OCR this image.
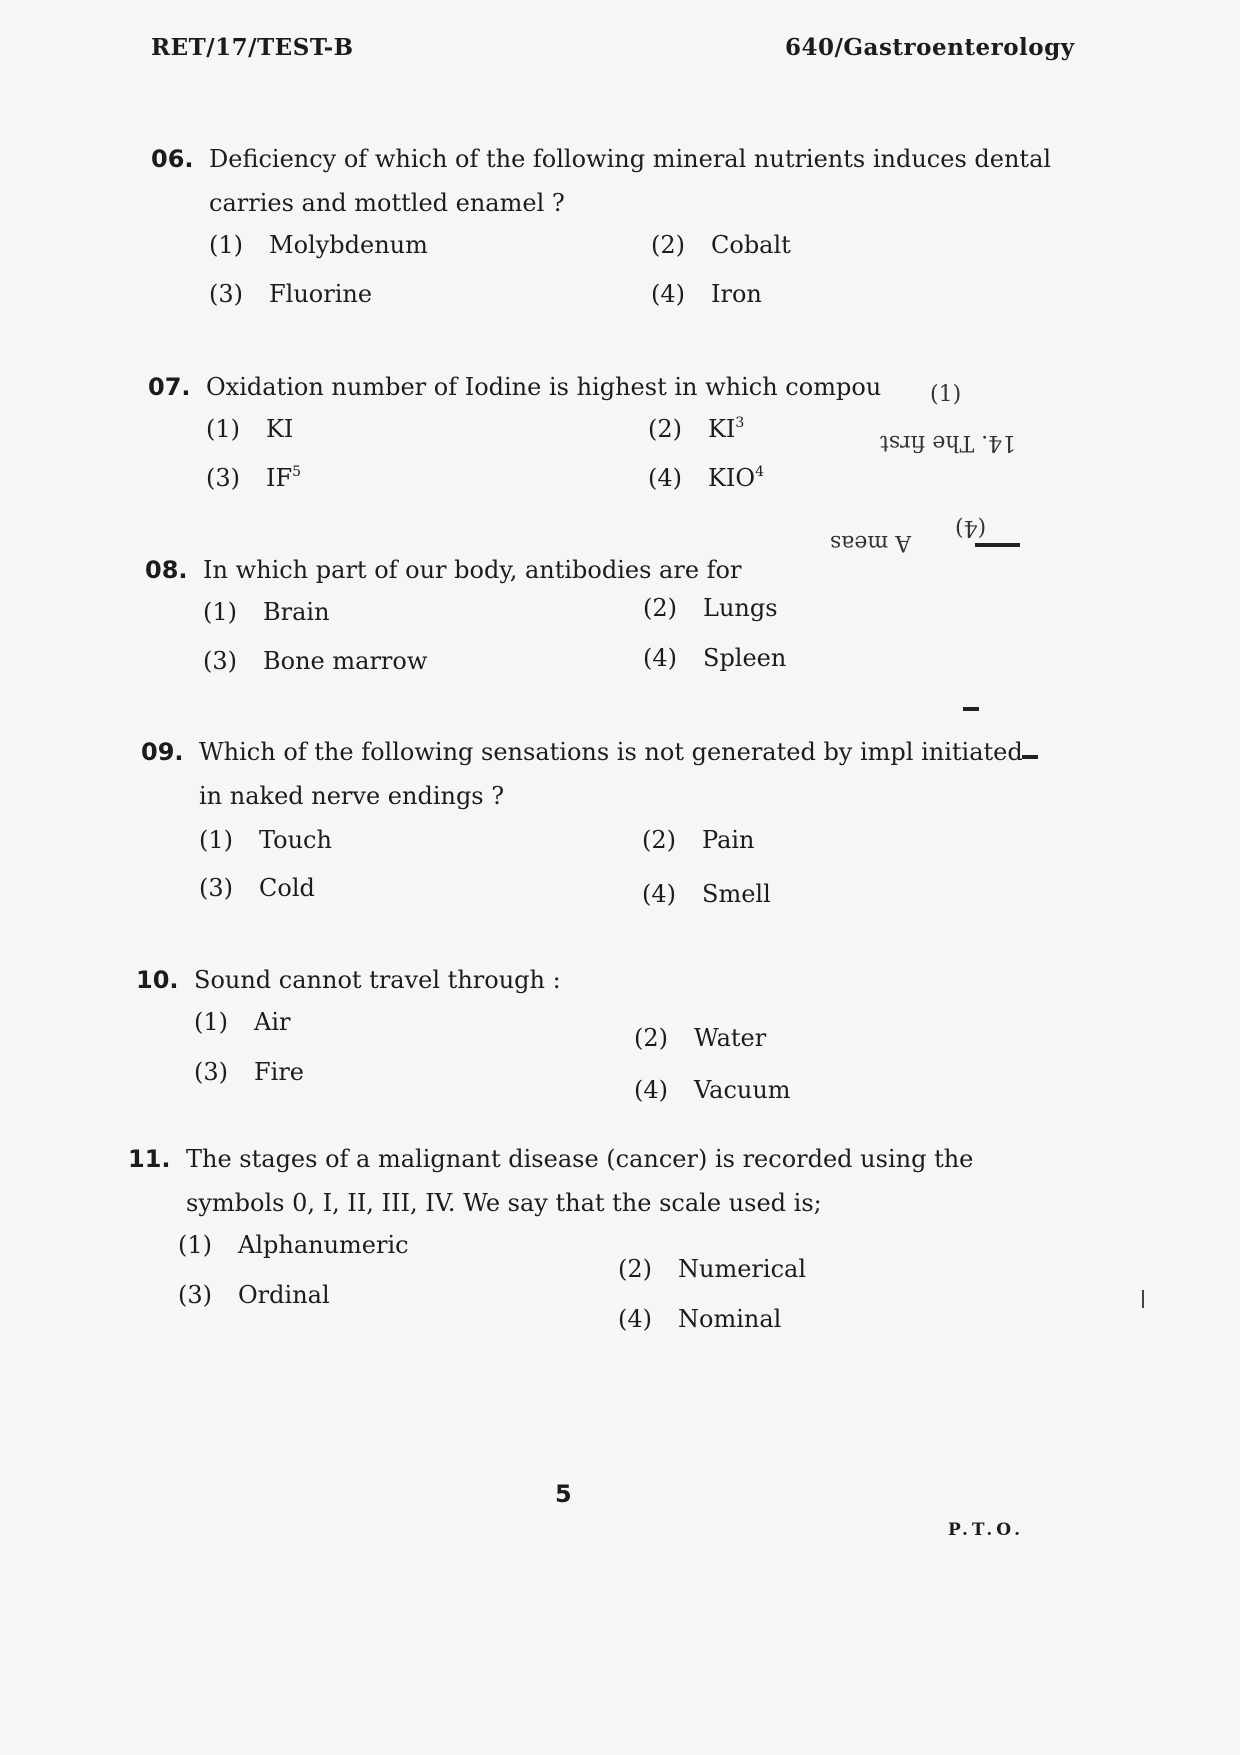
RET/17/TEST-B	640/Gastroenterology
06. Deficiency of which of the following mineral nutrients induces dental carries and mottled enamel ?
(1)	Molybdenum	(2)	Cobalt
(3)	Fluorine	(4)	Iron
07. Oxidation number of Iodine is highest in which compou
(1)	KI	(2)	KI 3
(3)	IF 5	(4)	KIO 4
(1)
14. The first
(4)
A meas
08. In which part of our body, antibodies are for
(1)	Brain	(2)	Lungs
(3)	Bone marrow	(4)	Spleen
09. Which of the following sensations is not generated by impl initiated in naked nerve endings ?
(1)	Touch	(2)	Pain
(3)	Cold	(4)	Smell
10. Sound cannot travel through :
(1)	Air
(2)	Water
(3)	Fire
(4)	Vacuum
11. The stages of a malignant disease (cancer) is recorded using the symbols 0, I, II, III, IV. We say that the scale used is;
(1)	Alphanumeric
(2)	Numerical
(3)	Ordinal
(4)	Nominal
5
P.T.O.
